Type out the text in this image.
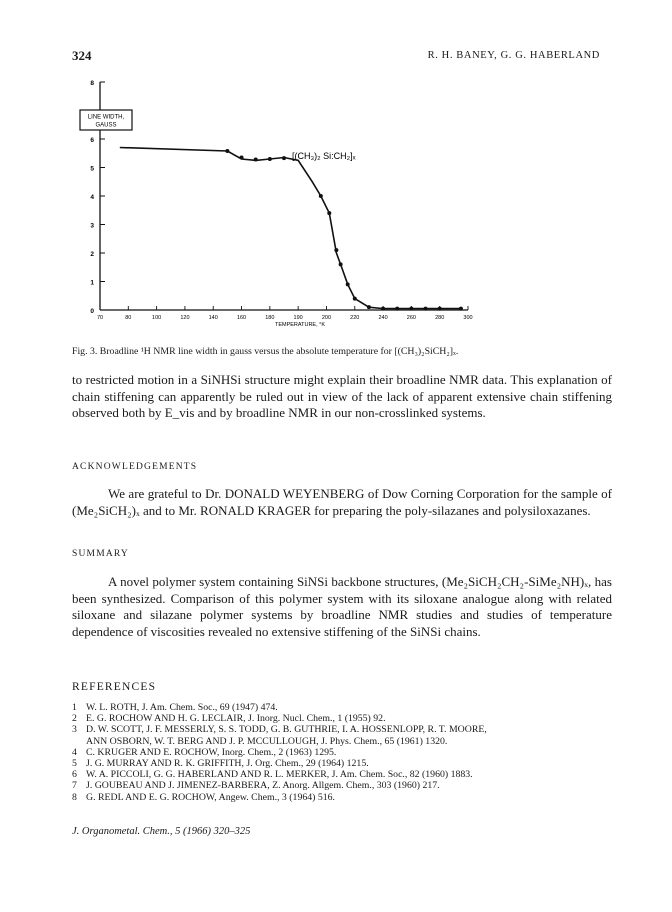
324	R. H. BANEY, G. G. HABERLAND
LINE WIDTH,
GAUSS
[(CH₃)₂ Si:CH₂]ₓ
0
1
2
3
4
5
6
8
70	80	100	120	140	160	180	190	200	220	240	260	280	300
TEMPERATURE, °K
Fig. 3. Broadline ¹H NMR line width in gauss versus the absolute temperature for [(CH₃)₂SiCH₂]ₓ.

to restricted motion in a SiNHSi structure might explain their broadline NMR data. This explanation of chain stiffening can apparently be ruled out in view of the lack of apparent extensive chain stiffening observed both by E_vis and by broadline NMR in our non-crosslinked systems.

ACKNOWLEDGEMENTS

We are grateful to Dr. DONALD WEYENBERG of Dow Corning Corporation for the sample of (Me₂SiCH₂)ₓ and to Mr. RONALD KRAGER for preparing the poly-silazanes and polysiloxazanes.

SUMMARY

A novel polymer system containing SiNSi backbone structures, (Me₂SiCH₂CH₂-SiMe₂NH)ₓ, has been synthesized. Comparison of this polymer system with its siloxane analogue along with related siloxane and silazane polymer systems by broadline NMR studies and studies of temperature dependence of viscosities revealed no extensive stiffening of the SiNSi chains.

REFERENCES
1 W. L. ROTH, J. Am. Chem. Soc., 69 (1947) 474.
2 E. G. ROCHOW AND H. G. LECLAIR, J. Inorg. Nucl. Chem., 1 (1955) 92.
3 D. W. SCOTT, J. F. MESSERLY, S. S. TODD, G. B. GUTHRIE, I. A. HOSSENLOPP, R. T. MOORE,
ANN OSBORN, W. T. BERG AND J. P. MCCULLOUGH, J. Phys. Chem., 65 (1961) 1320.
4 C. KRUGER AND E. ROCHOW, Inorg. Chem., 2 (1963) 1295.
5 J. G. MURRAY AND R. K. GRIFFITH, J. Org. Chem., 29 (1964) 1215.
6 W. A. PICCOLI, G. G. HABERLAND AND R. L. MERKER, J. Am. Chem. Soc., 82 (1960) 1883.
7 J. GOUBEAU AND J. JIMENEZ-BARBERA, Z. Anorg. Allgem. Chem., 303 (1960) 217.
8 G. REDL AND E. G. ROCHOW, Angew. Chem., 3 (1964) 516.
J. Organometal. Chem., 5 (1966) 320–325
